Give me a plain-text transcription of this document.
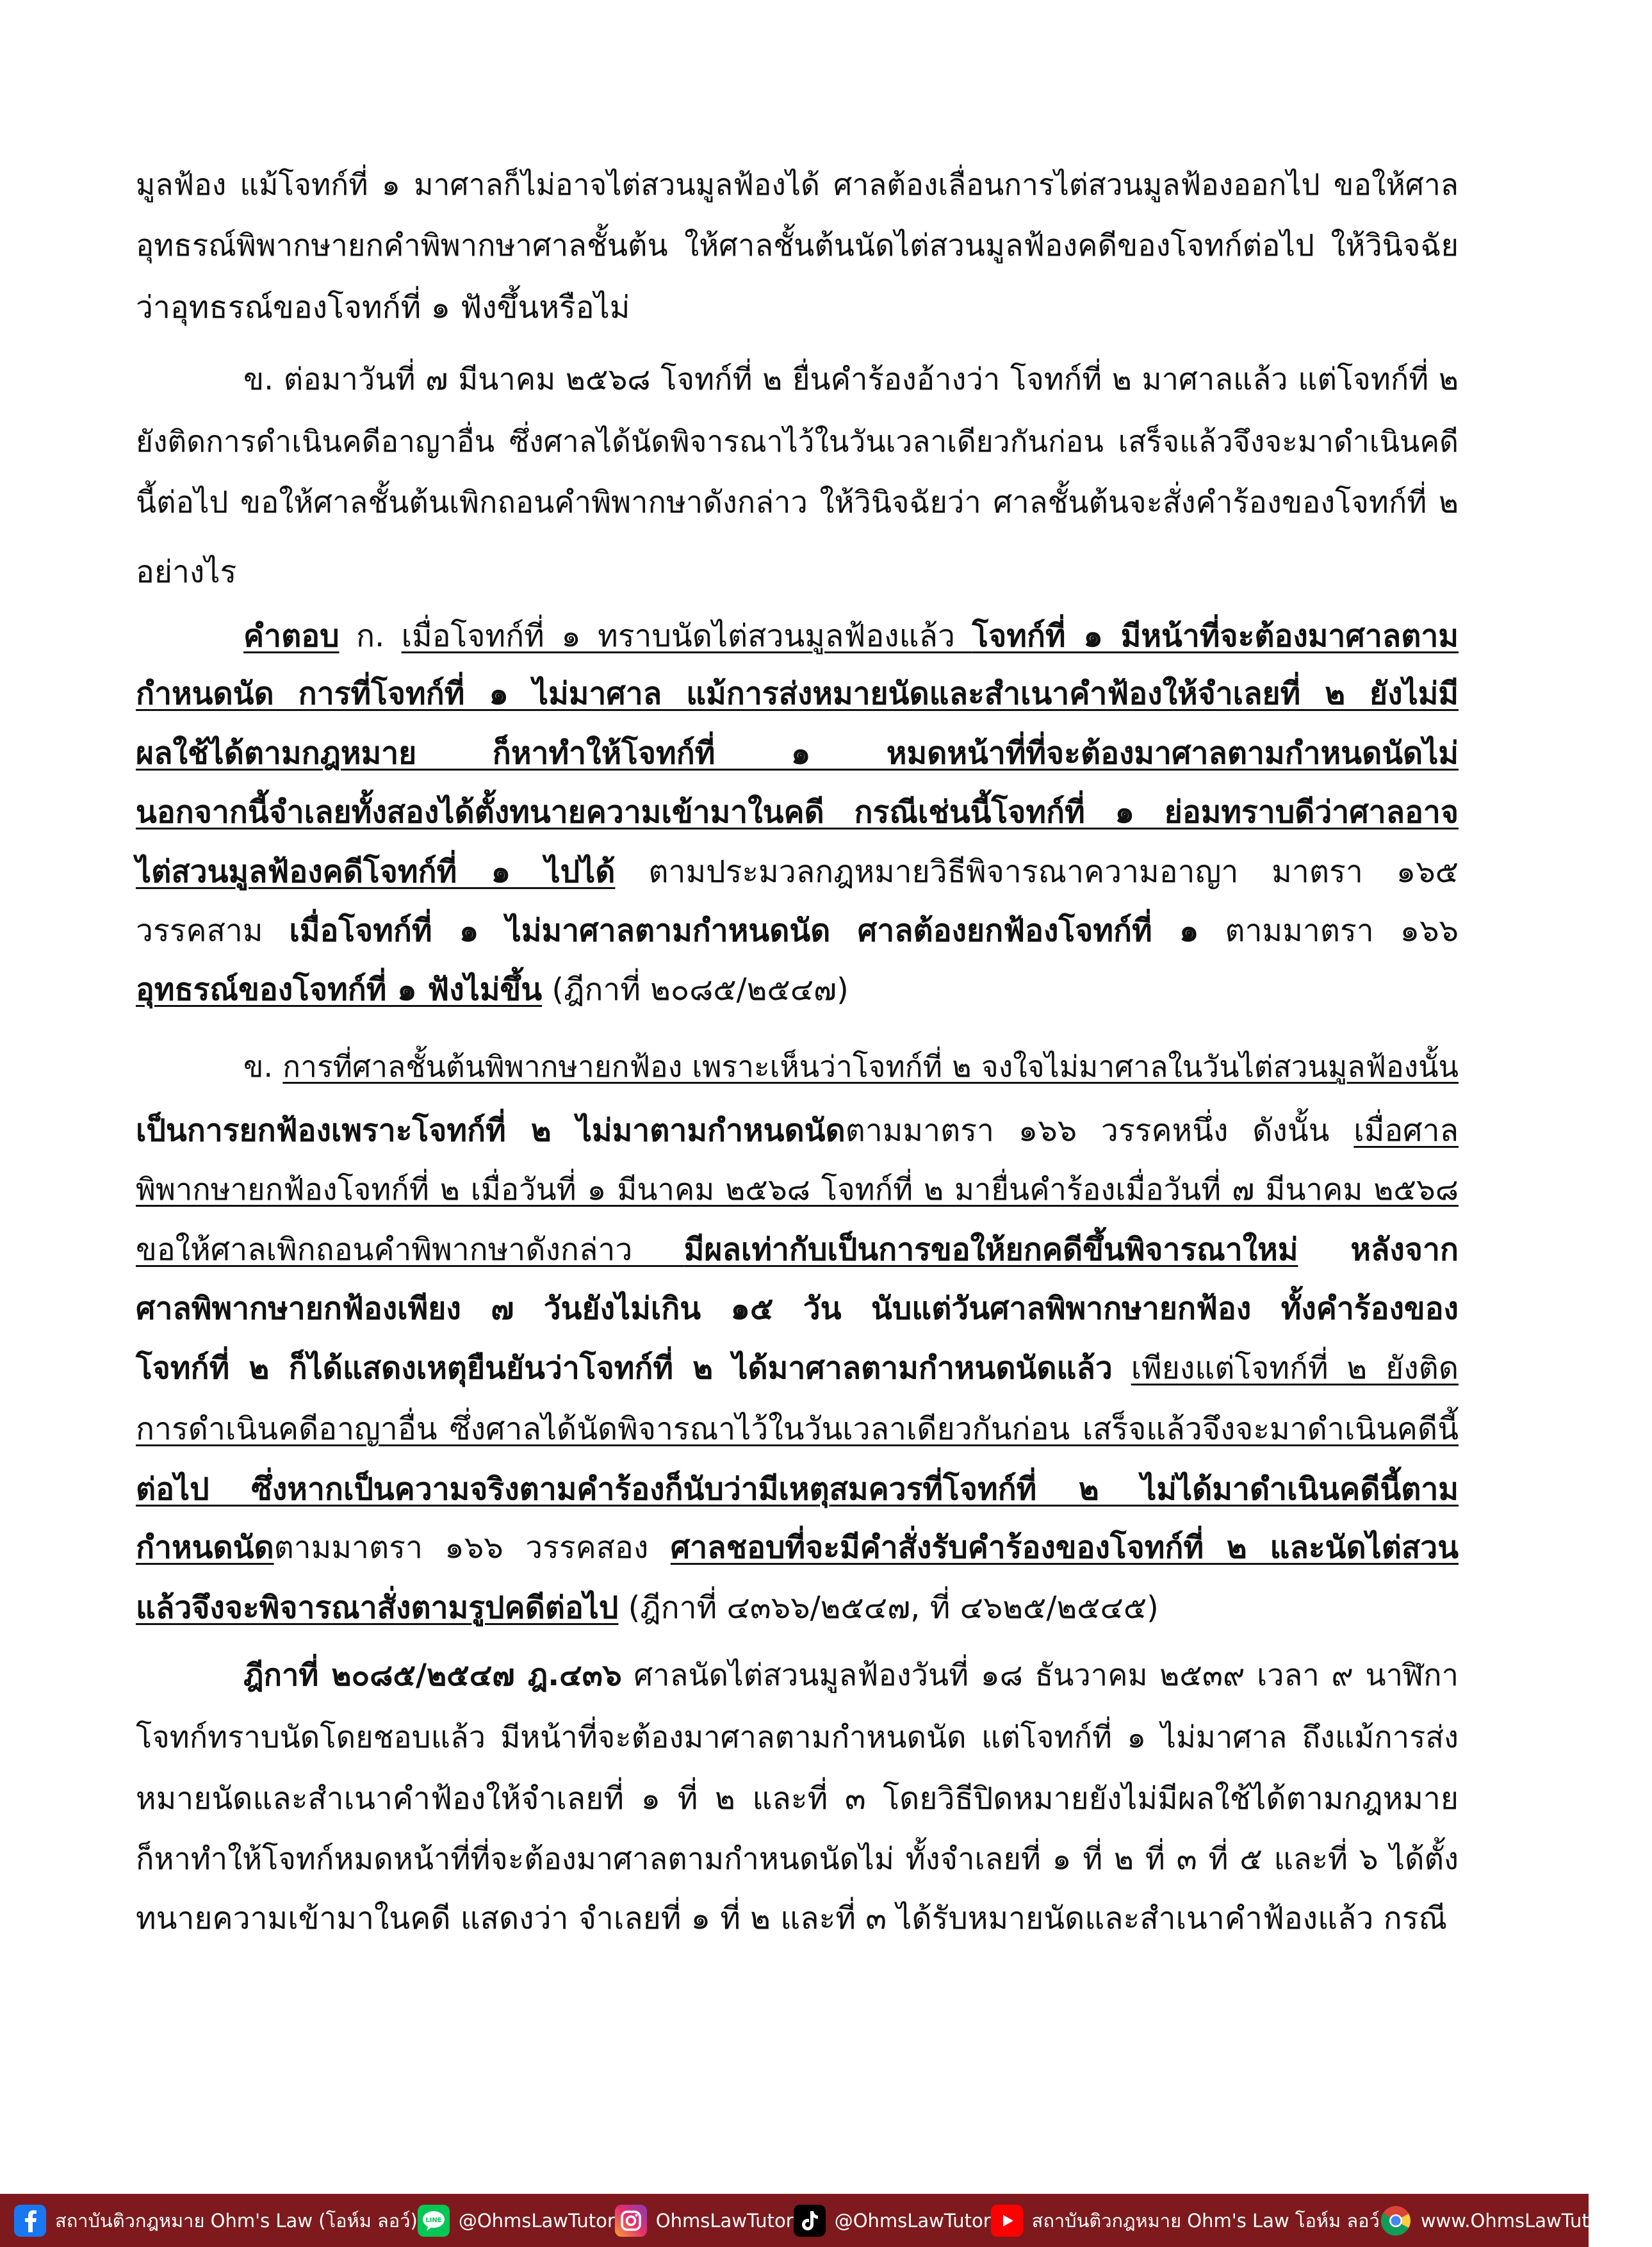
มูลฟ้อง แม้โจทก์ที่ ๑ มาศาลก็ไม่อาจไต่สวนมูลฟ้องได้ ศาลต้องเลื่อนการไต่สวนมูลฟ้องออกไป ขอให้ศาล
อุทธรณ์พิพากษายกคำพิพากษาศาลชั้นต้น ให้ศาลชั้นต้นนัดไต่สวนมูลฟ้องคดีของโจทก์ต่อไป ให้วินิจฉัย
ว่าอุทธรณ์ของโจทก์ที่ ๑ ฟังขึ้นหรือไม่
ข. ต่อมาวันที่ ๗ มีนาคม ๒๕๖๘ โจทก์ที่ ๒ ยื่นคำร้องอ้างว่า โจทก์ที่ ๒ มาศาลแล้ว แต่โจทก์ที่ ๒
ยังติดการดำเนินคดีอาญาอื่น ซึ่งศาลได้นัดพิจารณาไว้ในวันเวลาเดียวกันก่อน เสร็จแล้วจึงจะมาดำเนินคดี
นี้ต่อไป ขอให้ศาลชั้นต้นเพิกถอนคำพิพากษาดังกล่าว ให้วินิจฉัยว่า ศาลชั้นต้นจะสั่งคำร้องของโจทก์ที่ ๒
อย่างไร
คำตอบ ก. เมื่อโจทก์ที่ ๑ ทราบนัดไต่สวนมูลฟ้องแล้ว โจทก์ที่ ๑ มีหน้าที่จะต้องมาศาลตาม
กำหนดนัด การที่โจทก์ที่ ๑ ไม่มาศาล แม้การส่งหมายนัดและสำเนาคำฟ้องให้จำเลยที่ ๒ ยังไม่มี
ผลใช้ได้ตามกฎหมาย ก็หาทำให้โจทก์ที่ ๑ หมดหน้าที่ที่จะต้องมาศาลตามกำหนดนัดไม่
นอกจากนี้จำเลยทั้งสองได้ตั้งทนายความเข้ามาในคดี กรณีเช่นนี้โจทก์ที่ ๑ ย่อมทราบดีว่าศาลอาจ
ไต่สวนมูลฟ้องคดีโจทก์ที่ ๑ ไปได้ ตามประมวลกฎหมายวิธีพิจารณาความอาญา มาตรา ๑๖๕
วรรคสาม เมื่อโจทก์ที่ ๑ ไม่มาศาลตามกำหนดนัด ศาลต้องยกฟ้องโจทก์ที่ ๑ ตามมาตรา ๑๖๖
อุทธรณ์ของโจทก์ที่ ๑ ฟังไม่ขึ้น (ฎีกาที่ ๒๐๘๕/๒๕๔๗)
ข. การที่ศาลชั้นต้นพิพากษายกฟ้อง เพราะเห็นว่าโจทก์ที่ ๒ จงใจไม่มาศาลในวันไต่สวนมูลฟ้องนั้น
เป็นการยกฟ้องเพราะโจทก์ที่ ๒ ไม่มาตามกำหนดนัดตามมาตรา ๑๖๖ วรรคหนึ่ง ดังนั้น เมื่อศาล
พิพากษายกฟ้องโจทก์ที่ ๒ เมื่อวันที่ ๑ มีนาคม ๒๕๖๘ โจทก์ที่ ๒ มายื่นคำร้องเมื่อวันที่ ๗ มีนาคม ๒๕๖๘
ขอให้ศาลเพิกถอนคำพิพากษาดังกล่าว มีผลเท่ากับเป็นการขอให้ยกคดีขึ้นพิจารณาใหม่ หลังจาก
ศาลพิพากษายกฟ้องเพียง ๗ วันยังไม่เกิน ๑๕ วัน นับแต่วันศาลพิพากษายกฟ้อง ทั้งคำร้องของ
โจทก์ที่ ๒ ก็ได้แสดงเหตุยืนยันว่าโจทก์ที่ ๒ ได้มาศาลตามกำหนดนัดแล้ว เพียงแต่โจทก์ที่ ๒ ยังติด
การดำเนินคดีอาญาอื่น ซึ่งศาลได้นัดพิจารณาไว้ในวันเวลาเดียวกันก่อน เสร็จแล้วจึงจะมาดำเนินคดีนี้
ต่อไป ซึ่งหากเป็นความจริงตามคำร้องก็นับว่ามีเหตุสมควรที่โจทก์ที่ ๒ ไม่ได้มาดำเนินคดีนี้ตาม
กำหนดนัดตามมาตรา ๑๖๖ วรรคสอง ศาลชอบที่จะมีคำสั่งรับคำร้องของโจทก์ที่ ๒ และนัดไต่สวน
แล้วจึงจะพิจารณาสั่งตามรูปคดีต่อไป (ฎีกาที่ ๔๓๖๖/๒๕๔๗, ที่ ๔๖๒๕/๒๕๔๕)
ฎีกาที่ ๒๐๘๕/๒๕๔๗ ฎ.๔๓๖ ศาลนัดไต่สวนมูลฟ้องวันที่ ๑๘ ธันวาคม ๒๕๓๙ เวลา ๙ นาฬิกา
โจทก์ทราบนัดโดยชอบแล้ว มีหน้าที่จะต้องมาศาลตามกำหนดนัด แต่โจทก์ที่ ๑ ไม่มาศาล ถึงแม้การส่ง
หมายนัดและสำเนาคำฟ้องให้จำเลยที่ ๑ ที่ ๒ และที่ ๓ โดยวิธีปิดหมายยังไม่มีผลใช้ได้ตามกฎหมาย
ก็หาทำให้โจทก์หมดหน้าที่ที่จะต้องมาศาลตามกำหนดนัดไม่ ทั้งจำเลยที่ ๑ ที่ ๒ ที่ ๓ ที่ ๕ และที่ ๖ ได้ตั้ง
ทนายความเข้ามาในคดี แสดงว่า จำเลยที่ ๑ ที่ ๒ และที่ ๓ ได้รับหมายนัดและสำเนาคำฟ้องแล้ว กรณี
สถาบันติวกฎหมาย Ohm's Law (โอห์ม ลอว์) LINE @OhmsLawTutor OhmsLawTutor @OhmsLawTutor สถาบันติวกฎหมาย Ohm's Law โอห์ม ลอว์ www.OhmsLawTutor.com
